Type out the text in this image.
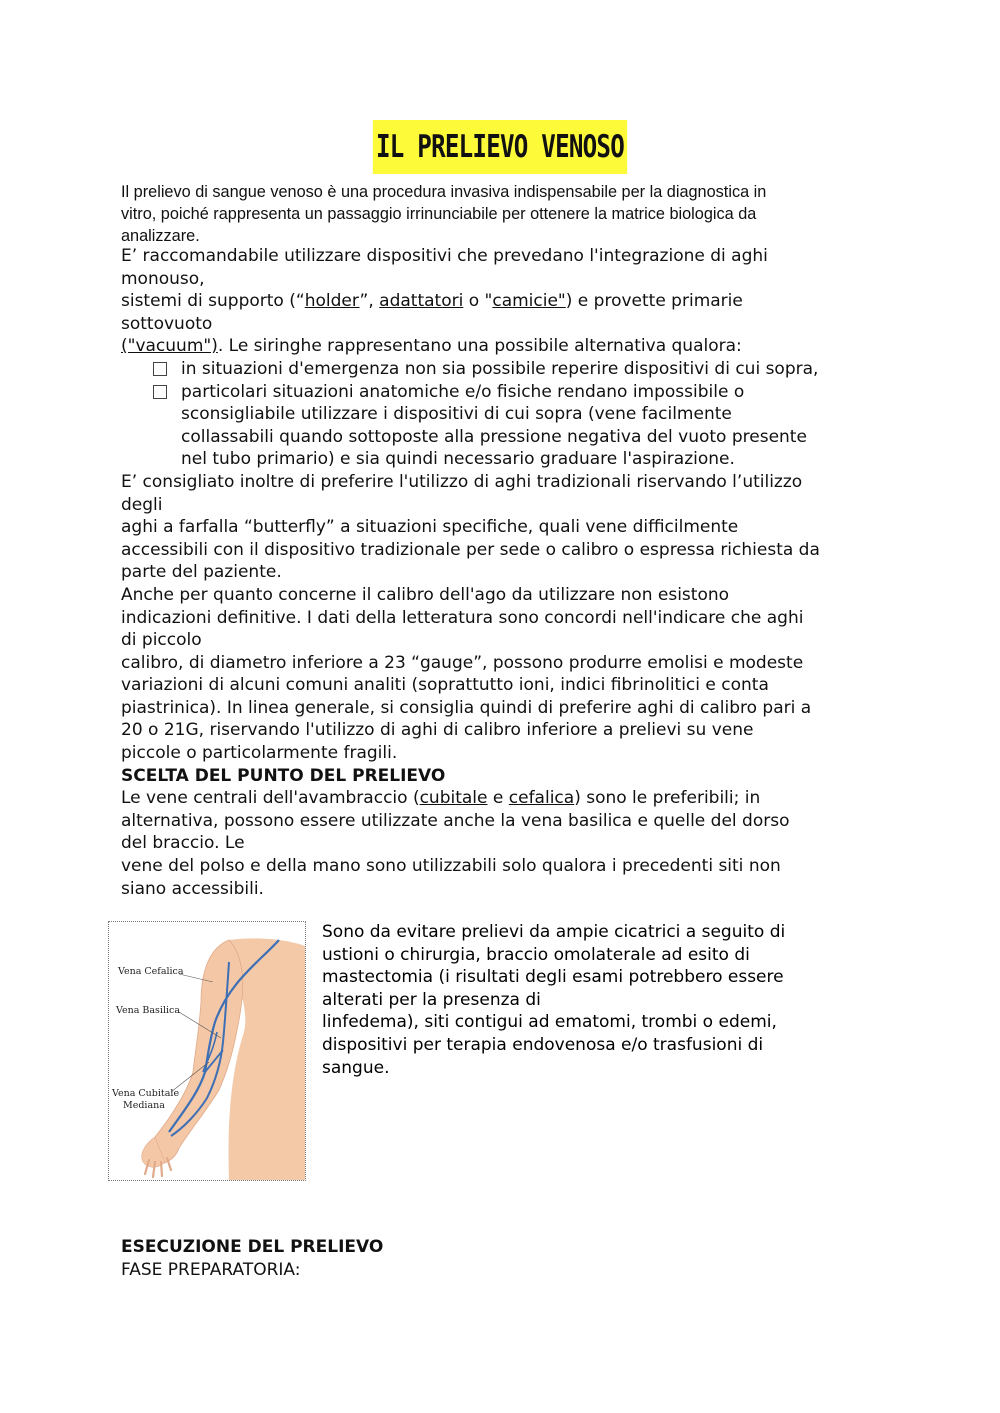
IL PRELIEVO VENOSO
Il prelievo di sangue venoso è una procedura invasiva indispensabile per la diagnostica in
vitro, poiché rappresenta un passaggio irrinunciabile per ottenere la matrice biologica da
analizzare.
E’ raccomandabile utilizzare dispositivi che prevedano l'integrazione di aghi
monouso,
sistemi di supporto (“holder”, adattatori o "camicie") e provette primarie
sottovuoto
("vacuum"). Le siringhe rappresentano una possibile alternativa qualora:
in situazioni d'emergenza non sia possibile reperire dispositivi di cui sopra,
particolari situazioni anatomiche e/o fisiche rendano impossibile o
sconsigliabile utilizzare i dispositivi di cui sopra (vene facilmente
collassabili quando sottoposte alla pressione negativa del vuoto presente
nel tubo primario) e sia quindi necessario graduare l'aspirazione.
E’ consigliato inoltre di preferire l'utilizzo di aghi tradizionali riservando l’utilizzo
degli
aghi a farfalla “butterfly” a situazioni specifiche, quali vene difficilmente
accessibili con il dispositivo tradizionale per sede o calibro o espressa richiesta da
parte del paziente.
Anche per quanto concerne il calibro dell'ago da utilizzare non esistono
indicazioni definitive. I dati della letteratura sono concordi nell'indicare che aghi
di piccolo
calibro, di diametro inferiore a 23 “gauge”, possono produrre emolisi e modeste
variazioni di alcuni comuni analiti (soprattutto ioni, indici fibrinolitici e conta
piastrinica). In linea generale, si consiglia quindi di preferire aghi di calibro pari a
20 o 21G, riservando l'utilizzo di aghi di calibro inferiore a prelievi su vene
piccole o particolarmente fragili.
SCELTA DEL PUNTO DEL PRELIEVO
Le vene centrali dell'avambraccio (cubitale e cefalica) sono le preferibili; in
alternativa, possono essere utilizzate anche la vena basilica e quelle del dorso
del braccio. Le
vene del polso e della mano sono utilizzabili solo qualora i precedenti siti non
siano accessibili.
Vena Cefalica
Vena Basilica
Vena Cubitale
Mediana
Sono da evitare prelievi da ampie cicatrici a seguito di
ustioni o chirurgia, braccio omolaterale ad esito di
mastectomia (i risultati degli esami potrebbero essere
alterati per la presenza di
linfedema), siti contigui ad ematomi, trombi o edemi,
dispositivi per terapia endovenosa e/o trasfusioni di
sangue.
ESECUZIONE DEL PRELIEVO
FASE PREPARATORIA:
